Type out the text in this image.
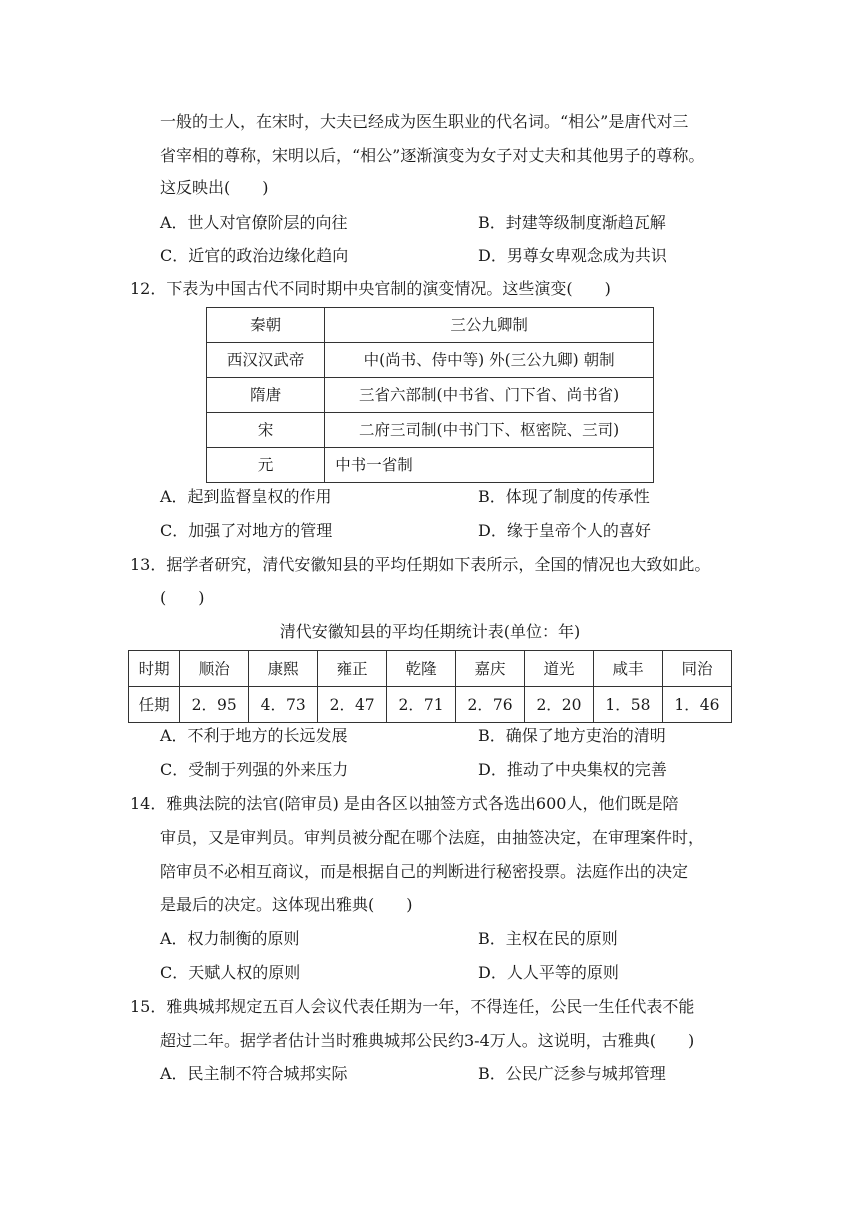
一般的士人，在宋时，大夫已经成为医生职业的代名词。“相公”是唐代对三
省宰相的尊称，宋明以后，“相公”逐渐演变为女子对丈夫和其他男子的尊称。
这反映出(　　)
A．世人对官僚阶层的向往	B．封建等级制度渐趋瓦解
C．近官的政治边缘化趋向	D．男尊女卑观念成为共识
12．下表为中国古代不同时期中央官制的演变情况。这些演变(　　)
秦朝	三公九卿制
西汉汉武帝	中(尚书、侍中等) 外(三公九卿) 朝制
隋唐	三省六部制(中书省、门下省、尚书省)
宋	二府三司制(中书门下、枢密院、三司)
元	中书一省制
A．起到监督皇权的作用	B．体现了制度的传承性
C．加强了对地方的管理	D．缘于皇帝个人的喜好
13．据学者研究，清代安徽知县的平均任期如下表所示，全国的情况也大致如此。
(　　)
清代安徽知县的平均任期统计表(单位：年)
时期	顺治	康熙	雍正	乾隆	嘉庆	道光	咸丰	同治
任期	2．95	4．73	2．47	2．71	2．76	2．20	1．58	1．46
A．不利于地方的长远发展	B．确保了地方吏治的清明
C．受制于列强的外来压力	D．推动了中央集权的完善
14．雅典法院的法官(陪审员) 是由各区以抽签方式各选出600人，他们既是陪
审员，又是审判员。审判员被分配在哪个法庭，由抽签决定，在审理案件时，
陪审员不必相互商议，而是根据自己的判断进行秘密投票。法庭作出的决定
是最后的决定。这体现出雅典(　　)
A．权力制衡的原则	B．主权在民的原则
C．天赋人权的原则	D．人人平等的原则
15．雅典城邦规定五百人会议代表任期为一年，不得连任，公民一生任代表不能
超过二年。据学者估计当时雅典城邦公民约3-4万人。这说明，古雅典(　　)
A．民主制不符合城邦实际	B．公民广泛参与城邦管理
